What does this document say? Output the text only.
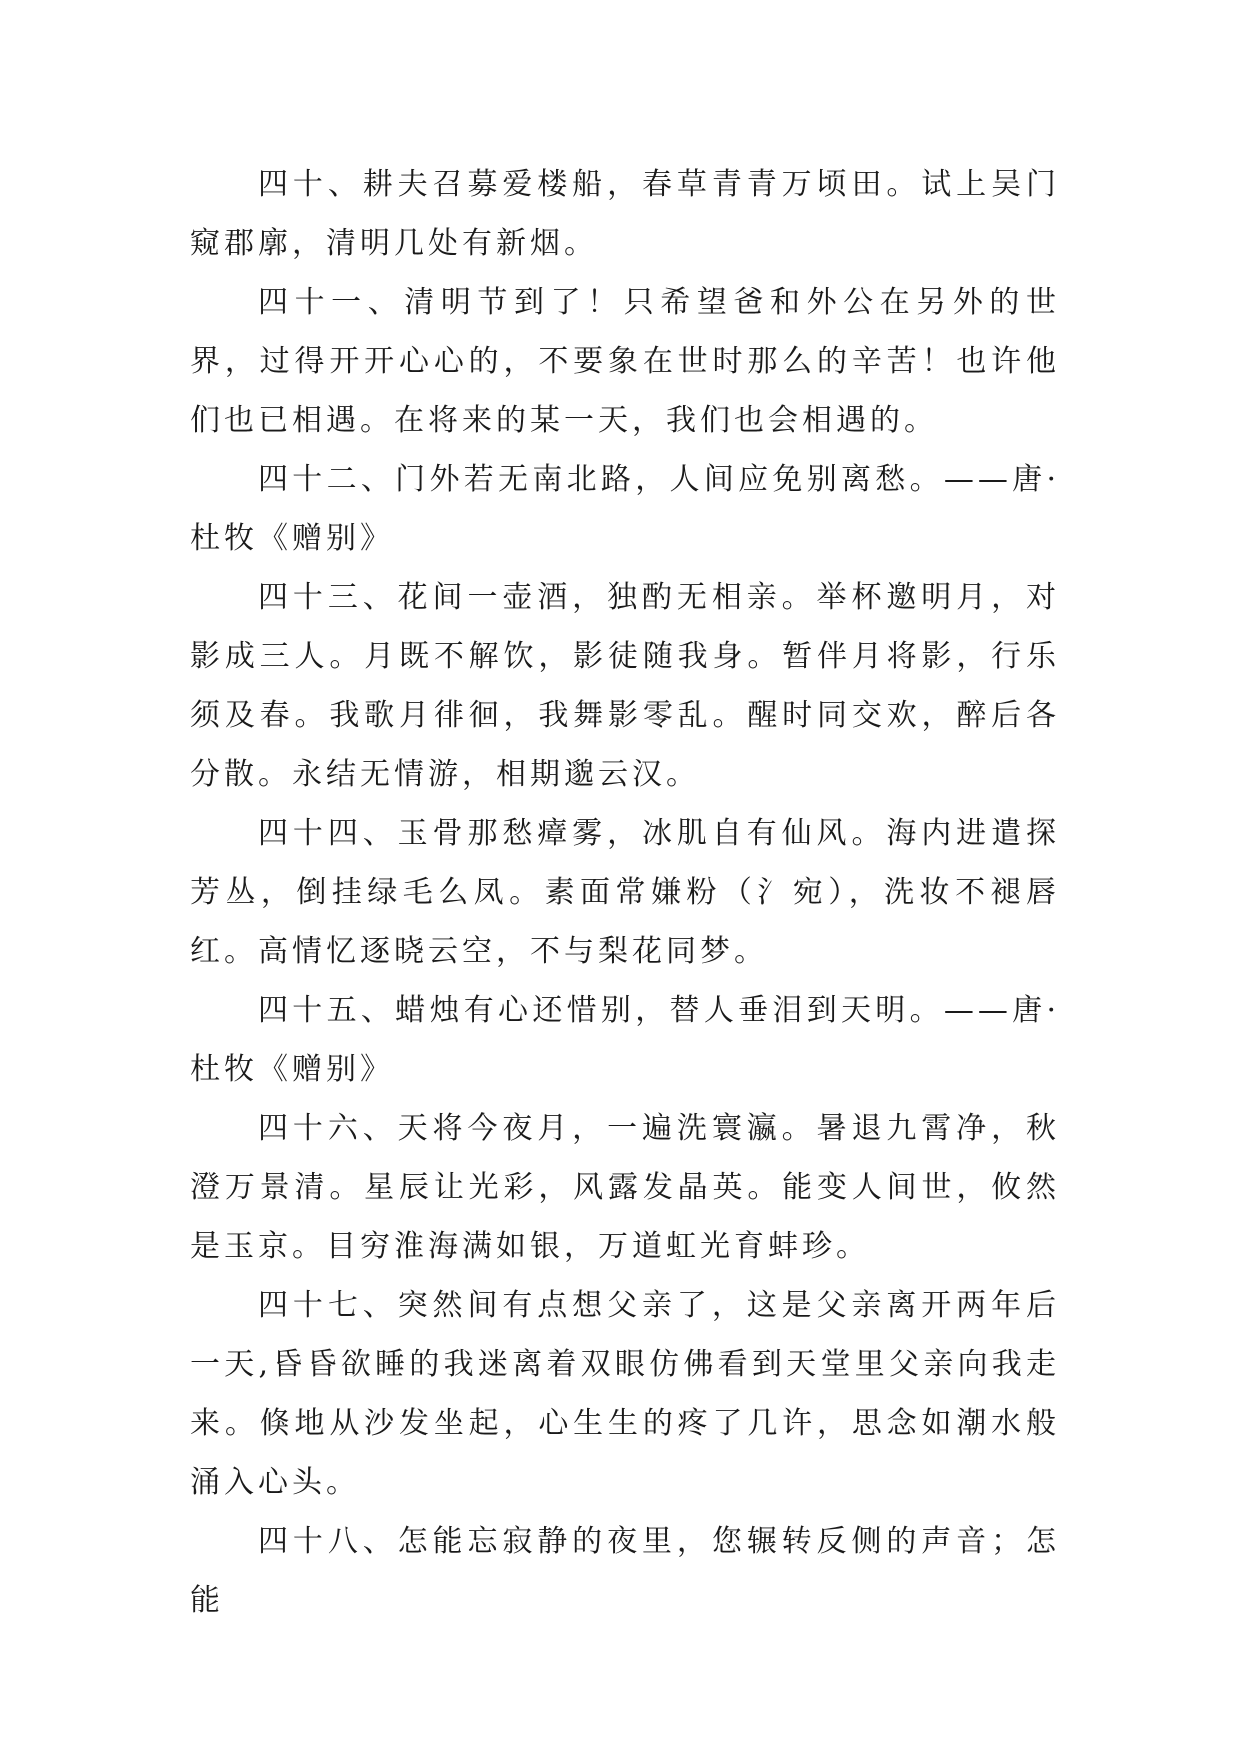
四十、耕夫召募爱楼船，春草青青万顷田。试上吴门窥郡廓，清明几处有新烟。

四十一、清明节到了！只希望爸和外公在另外的世界，过得开开心心的，不要象在世时那么的辛苦！也许他们也已相遇。在将来的某一天，我们也会相遇的。

四十二、门外若无南北路，人间应免别离愁。——唐·杜牧《赠别》

四十三、花间一壶酒，独酌无相亲。举杯邀明月，对影成三人。月既不解饮，影徒随我身。暂伴月将影，行乐须及春。我歌月徘徊，我舞影零乱。醒时同交欢，醉后各分散。永结无情游，相期邈云汉。

四十四、玉骨那愁瘴雾，冰肌自有仙风。海内进遣探芳丛，倒挂绿毛么凤。素面常嫌粉（氵宛），洗妆不褪唇红。高情忆逐晓云空，不与梨花同梦。

四十五、蜡烛有心还惜别，替人垂泪到天明。——唐·杜牧《赠别》

四十六、天将今夜月，一遍洗寰瀛。暑退九霄净，秋澄万景清。星辰让光彩，风露发晶英。能变人间世，攸然是玉京。目穷淮海满如银，万道虹光育蚌珍。

四十七、突然间有点想父亲了，这是父亲离开两年后一天,昏昏欲睡的我迷离着双眼仿佛看到天堂里父亲向我走来。倏地从沙发坐起，心生生的疼了几许，思念如潮水般涌入心头。

四十八、怎能忘寂静的夜里，您辗转反侧的声音；怎能
